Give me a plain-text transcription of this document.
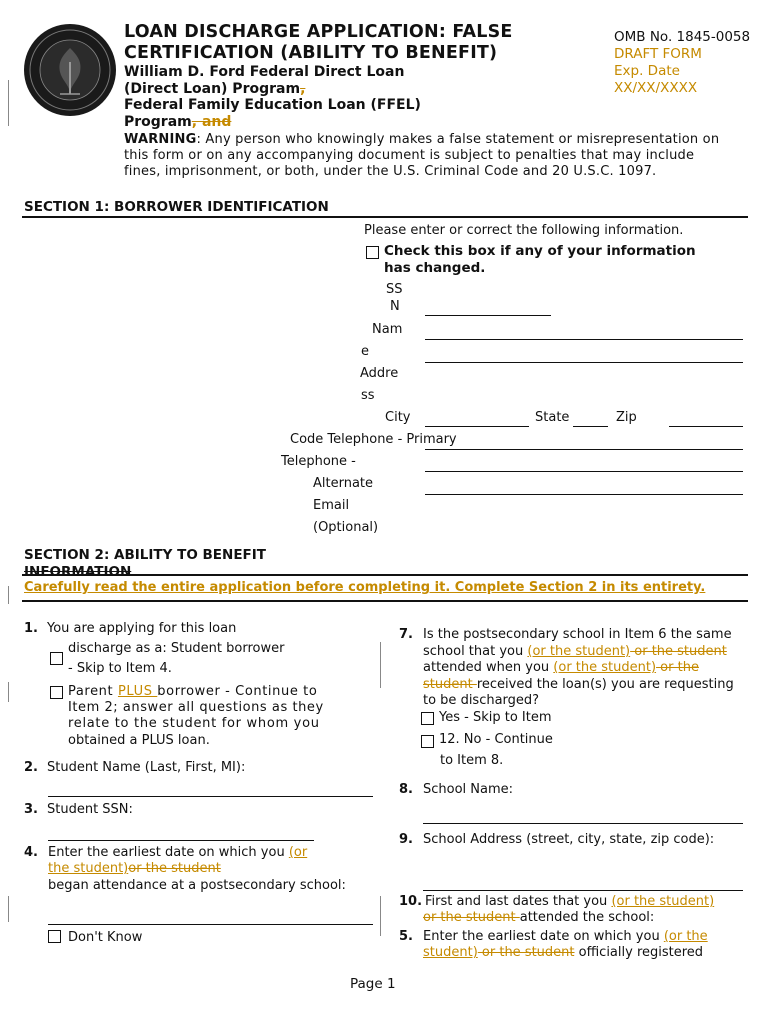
LOAN DISCHARGE APPLICATION: FALSE
CERTIFICATION (ABILITY TO BENEFIT)
William D. Ford Federal Direct Loan
(Direct Loan) Program,
Federal Family Education Loan (FFEL)
Program, and
OMB No. 1845-0058
DRAFT FORM
Exp. Date
XX/XX/XXXX
WARNING: Any person who knowingly makes a false statement or misrepresentation on this form or on any accompanying document is subject to penalties that may include fines, imprisonment, or both, under the U.S. Criminal Code and 20 U.S.C. 1097.
SECTION 1: BORROWER IDENTIFICATION
Please enter or correct the following information.
Check this box if any of your information
has changed.
SS
N
Nam
e
Addre
ss
City	State	Zip
Code Telephone - Primary
Telephone -
Alternate
Email
(Optional)
SECTION 2: ABILITY TO BENEFIT
INFORMATION
Carefully read the entire application before completing it. Complete Section 2 in its entirety.
1. You are applying for this loan
discharge as a: Student borrower
- Skip to Item 4.
Parent PLUS borrower - Continue to
Item 2; answer all questions as they
relate to the student for whom you
obtained a PLUS loan.
2. Student Name (Last, First, MI):
3. Student SSN:
4. Enter the earliest date on which you (or
the student)or the student
began attendance at a postsecondary school:
Don't Know
7. Is the postsecondary school in Item 6 the same
school that you (or the student) or the student
attended when you (or the student) or the
student received the loan(s) you are requesting
to be discharged?
Yes - Skip to Item
12. No - Continue
to Item 8.
8. School Name:
9. School Address (street, city, state, zip code):
10. First and last dates that you (or the student)
or the student attended the school:
5. Enter the earliest date on which you (or the
student) or the student officially registered
Page 1
